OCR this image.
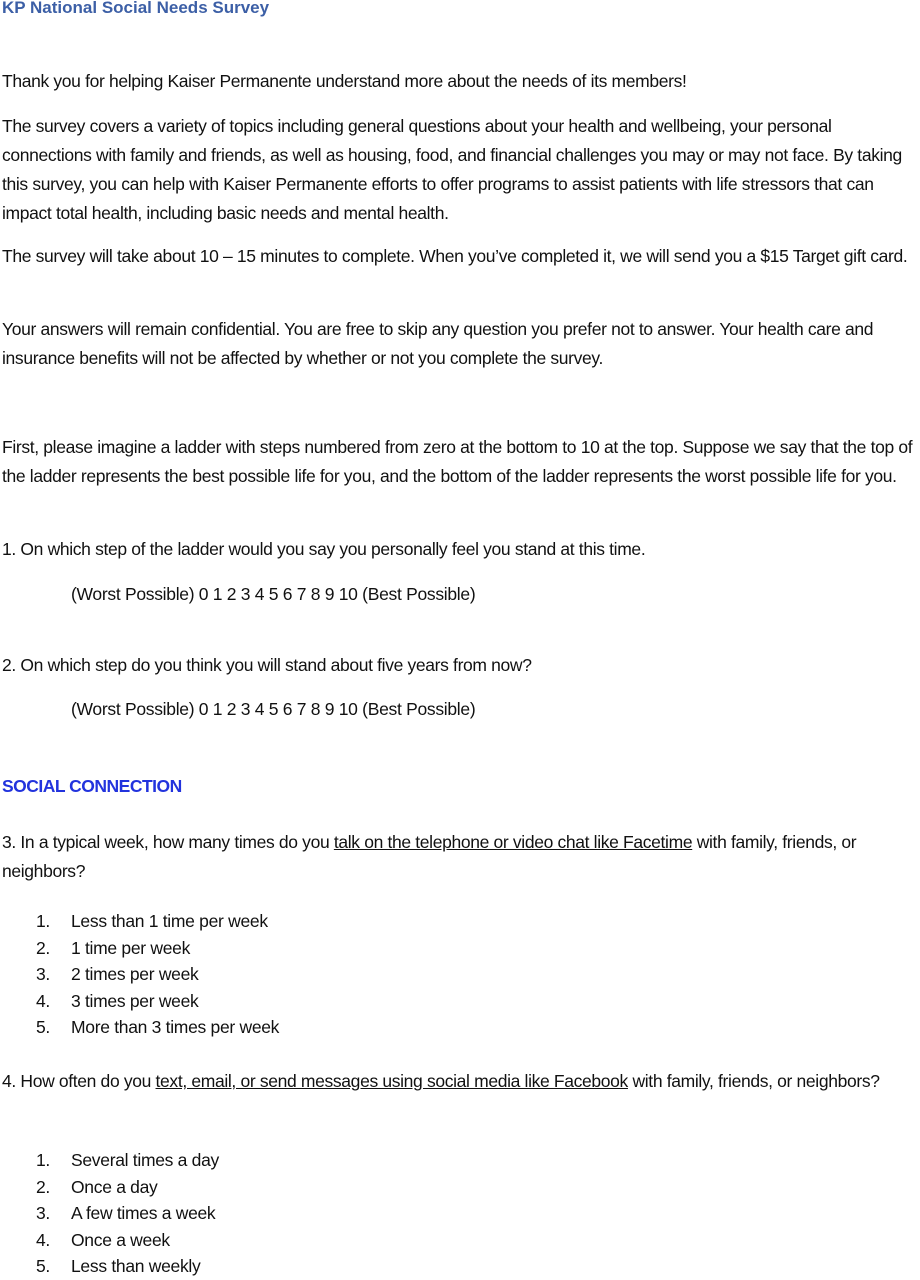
KP National Social Needs Survey

Thank you for helping Kaiser Permanente understand more about the needs of its members!

The survey covers a variety of topics including general questions about your health and wellbeing, your personal connections with family and friends, as well as housing, food, and financial challenges you may or may not face. By taking this survey, you can help with Kaiser Permanente efforts to offer programs to assist patients with life stressors that can impact total health, including basic needs and mental health.

The survey will take about 10 – 15 minutes to complete. When you’ve completed it, we will send you a $15 Target gift card.

Your answers will remain confidential. You are free to skip any question you prefer not to answer. Your health care and insurance benefits will not be affected by whether or not you complete the survey.

First, please imagine a ladder with steps numbered from zero at the bottom to 10 at the top. Suppose we say that the top of the ladder represents the best possible life for you, and the bottom of the ladder represents the worst possible life for you.

1. On which step of the ladder would you say you personally feel you stand at this time.

(Worst Possible) 0 1 2 3 4 5 6 7 8 9 10 (Best Possible)

2. On which step do you think you will stand about five years from now?

(Worst Possible) 0 1 2 3 4 5 6 7 8 9 10 (Best Possible)

SOCIAL CONNECTION

3. In a typical week, how many times do you talk on the telephone or video chat like Facetime with family, friends, or neighbors?

1. Less than 1 time per week
2. 1 time per week
3. 2 times per week
4. 3 times per week
5. More than 3 times per week

4. How often do you text, email, or send messages using social media like Facebook with family, friends, or neighbors?

1. Several times a day
2. Once a day
3. A few times a week
4. Once a week
5. Less than weekly
